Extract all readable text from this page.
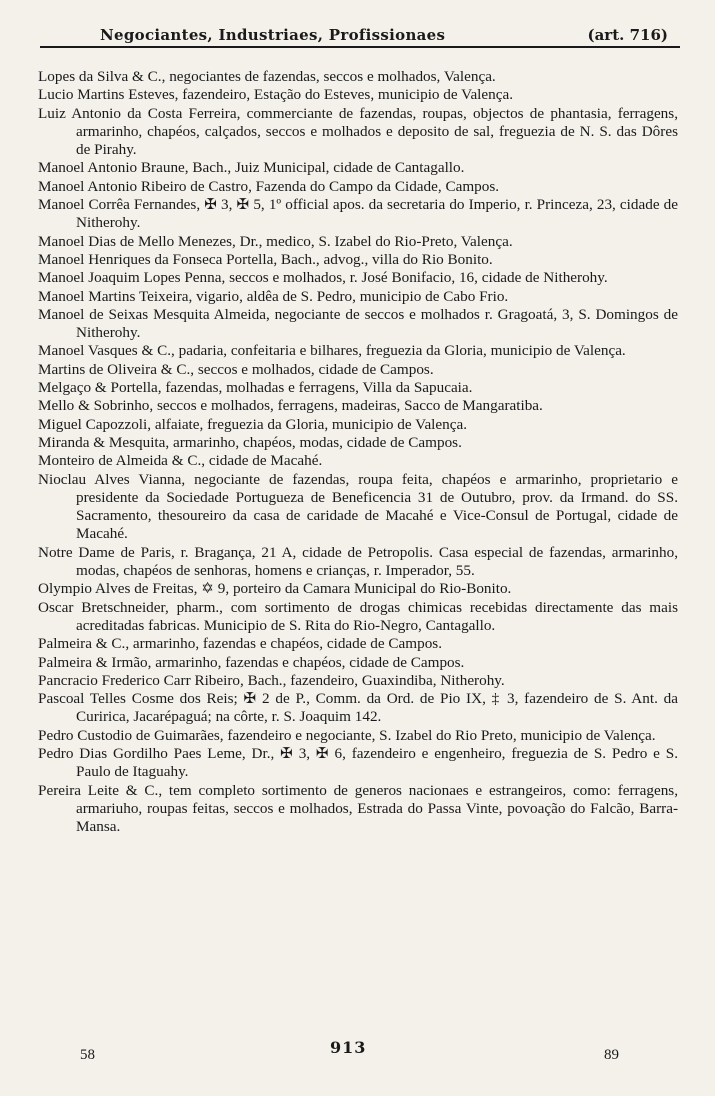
Negociantes, Industriaes, Profissionaes	(art. 716)

Lopes da Silva & C., negociantes de fazendas, seccos e molhados, Valença.

Lucio Martins Esteves, fazendeiro, Estação do Esteves, municipio de Valença.

Luiz Antonio da Costa Ferreira, commerciante de fazendas, roupas, objectos de phantasia, ferragens, armarinho, chapéos, calçados, seccos e molhados e deposito de sal, freguezia de N. S. das Dôres de Pirahy.

Manoel Antonio Braune, Bach., Juiz Municipal, cidade de Cantagallo.

Manoel Antonio Ribeiro de Castro, Fazenda do Campo da Cidade, Campos.

Manoel Corrêa Fernandes, ✠ 3, ✠ 5, 1º official apos. da secretaria do Imperio, r. Princeza, 23, cidade de Nitherohy.

Manoel Dias de Mello Menezes, Dr., medico, S. Izabel do Rio-Preto, Valença.

Manoel Henriques da Fonseca Portella, Bach., advog., villa do Rio Bonito.

Manoel Joaquim Lopes Penna, seccos e molhados, r. José Bonifacio, 16, cidade de Nitherohy.

Manoel Martins Teixeira, vigario, aldêa de S. Pedro, municipio de Cabo Frio.

Manoel de Seixas Mesquita Almeida, negociante de seccos e molhados r. Gragoatá, 3, S. Domingos de Nitherohy.

Manoel Vasques & C., padaria, confeitaria e bilhares, freguezia da Gloria, municipio de Valença.

Martins de Oliveira & C., seccos e molhados, cidade de Campos.

Melgaço & Portella, fazendas, molhadas e ferragens, Villa da Sapucaia.

Mello & Sobrinho, seccos e molhados, ferragens, madeiras, Sacco de Mangaratiba.

Miguel Capozzoli, alfaiate, freguezia da Gloria, municipio de Valença.

Miranda & Mesquita, armarinho, chapéos, modas, cidade de Campos.

Monteiro de Almeida & C., cidade de Macahé.

Nioclau Alves Vianna, negociante de fazendas, roupa feita, chapéos e armarinho, proprietario e presidente da Sociedade Portugueza de Beneficencia 31 de Outubro, prov. da Irmand. do SS. Sacramento, thesoureiro da casa de caridade de Macahé e Vice-Consul de Portugal, cidade de Macahé.

Notre Dame de Paris, r. Bragança, 21 A, cidade de Petropolis. Casa especial de fazendas, armarinho, modas, chapéos de senhoras, homens e crianças, r. Imperador, 55.

Olympio Alves de Freitas, ✡ 9, porteiro da Camara Municipal do Rio-Bonito.

Oscar Bretschneider, pharm., com sortimento de drogas chimicas recebidas directamente das mais acreditadas fabricas. Municipio de S. Rita do Rio-Negro, Cantagallo.

Palmeira & C., armarinho, fazendas e chapéos, cidade de Campos.

Palmeira & Irmão, armarinho, fazendas e chapéos, cidade de Campos.

Pancracio Frederico Carr Ribeiro, Bach., fazendeiro, Guaxindiba, Nitherohy.

Pascoal Telles Cosme dos Reis; ✠ 2 de P., Comm. da Ord. de Pio IX, ‡ 3, fazendeiro de S. Ant. da Curirica, Jacarépaguá; na côrte, r. S. Joaquim 142.

Pedro Custodio de Guimarães, fazendeiro e negociante, S. Izabel do Rio Preto, municipio de Valença.

Pedro Dias Gordilho Paes Leme, Dr., ✠ 3, ✠ 6, fazendeiro e engenheiro, freguezia de S. Pedro e S. Paulo de Itaguahy.

Pereira Leite & C., tem completo sortimento de generos nacionaes e estrangeiros, como: ferragens, armariuho, roupas feitas, seccos e molhados, Estrada do Passa Vinte, povoação do Falcão, Barra-Mansa.

58	913	89
